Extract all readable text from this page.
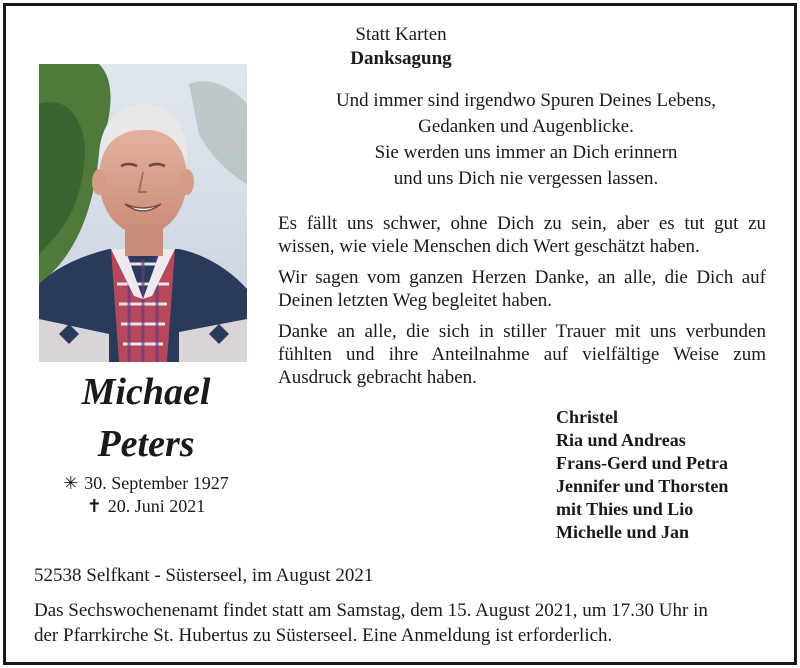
Statt Karten
Danksagung
Und immer sind irgendwo Spuren Deines Lebens,
Gedanken und Augenblicke.
Sie werden uns immer an Dich erinnern
und uns Dich nie vergessen lassen.
Es fällt uns schwer, ohne Dich zu sein, aber es tut gut zu wissen, wie viele Menschen dich Wert geschätzt haben.
Wir sagen vom ganzen Herzen Danke, an alle, die Dich auf Deinen letzten Weg begleitet haben.
Danke an alle, die sich in stiller Trauer mit uns verbunden fühlten und ihre Anteilnahme auf vielfältige Weise zum Ausdruck gebracht haben.
Michael
Peters
✳ 30. September 1927
✝ 20. Juni 2021
Christel
Ria und Andreas
Frans-Gerd und Petra
Jennifer und Thorsten
mit Thies und Lio
Michelle und Jan
52538 Selfkant - Süsterseel, im August 2021
Das Sechswochenenamt findet statt am Samstag, dem 15. August 2021, um 17.30 Uhr in
der Pfarrkirche St. Hubertus zu Süsterseel. Eine Anmeldung ist erforderlich.
